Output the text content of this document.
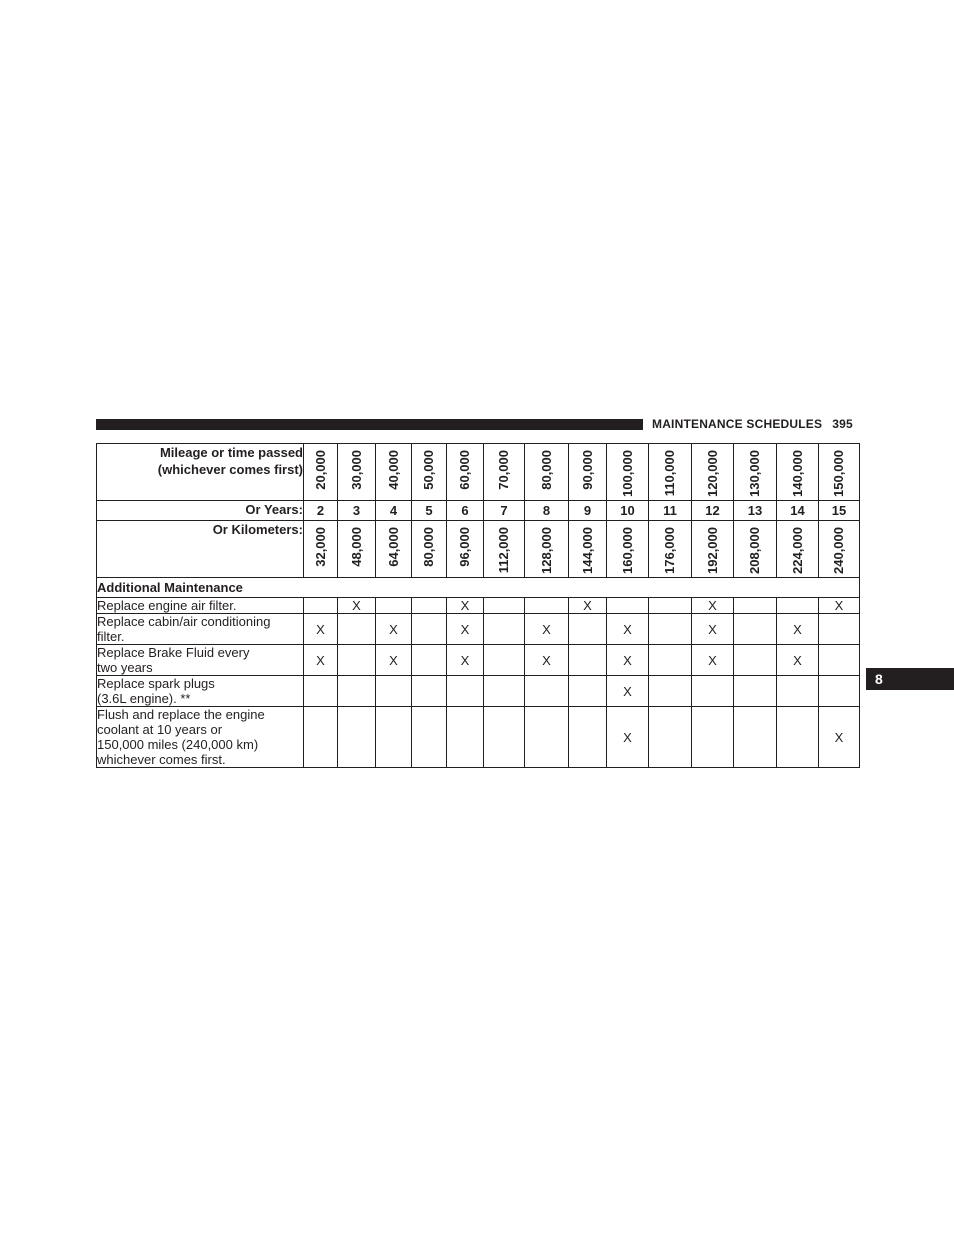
MAINTENANCE SCHEDULES 395
8
Mileage or time passed
(whichever comes first)	20,000	30,000	40,000	50,000	60,000	70,000	80,000	90,000	100,000	110,000	120,000	130,000	140,000	150,000
Or Years:	2	3	4	5	6	7	8	9	10	11	12	13	14	15
Or Kilometers:	32,000	48,000	64,000	80,000	96,000	112,000	128,000	144,000	160,000	176,000	192,000	208,000	224,000	240,000
Additional Maintenance														

Replace engine air filter.		X			X			X			X			X

Replace cabin/air conditioning
filter.	X		X		X		X		X		X		X	

Replace Brake Fluid every
two years	X		X		X		X		X		X		X	

Replace spark plugs
(3.6L engine). **									X					

Flush and replace the engine
coolant at 10 years or
150,000 miles (240,000 km)
whichever comes first.									X					X
